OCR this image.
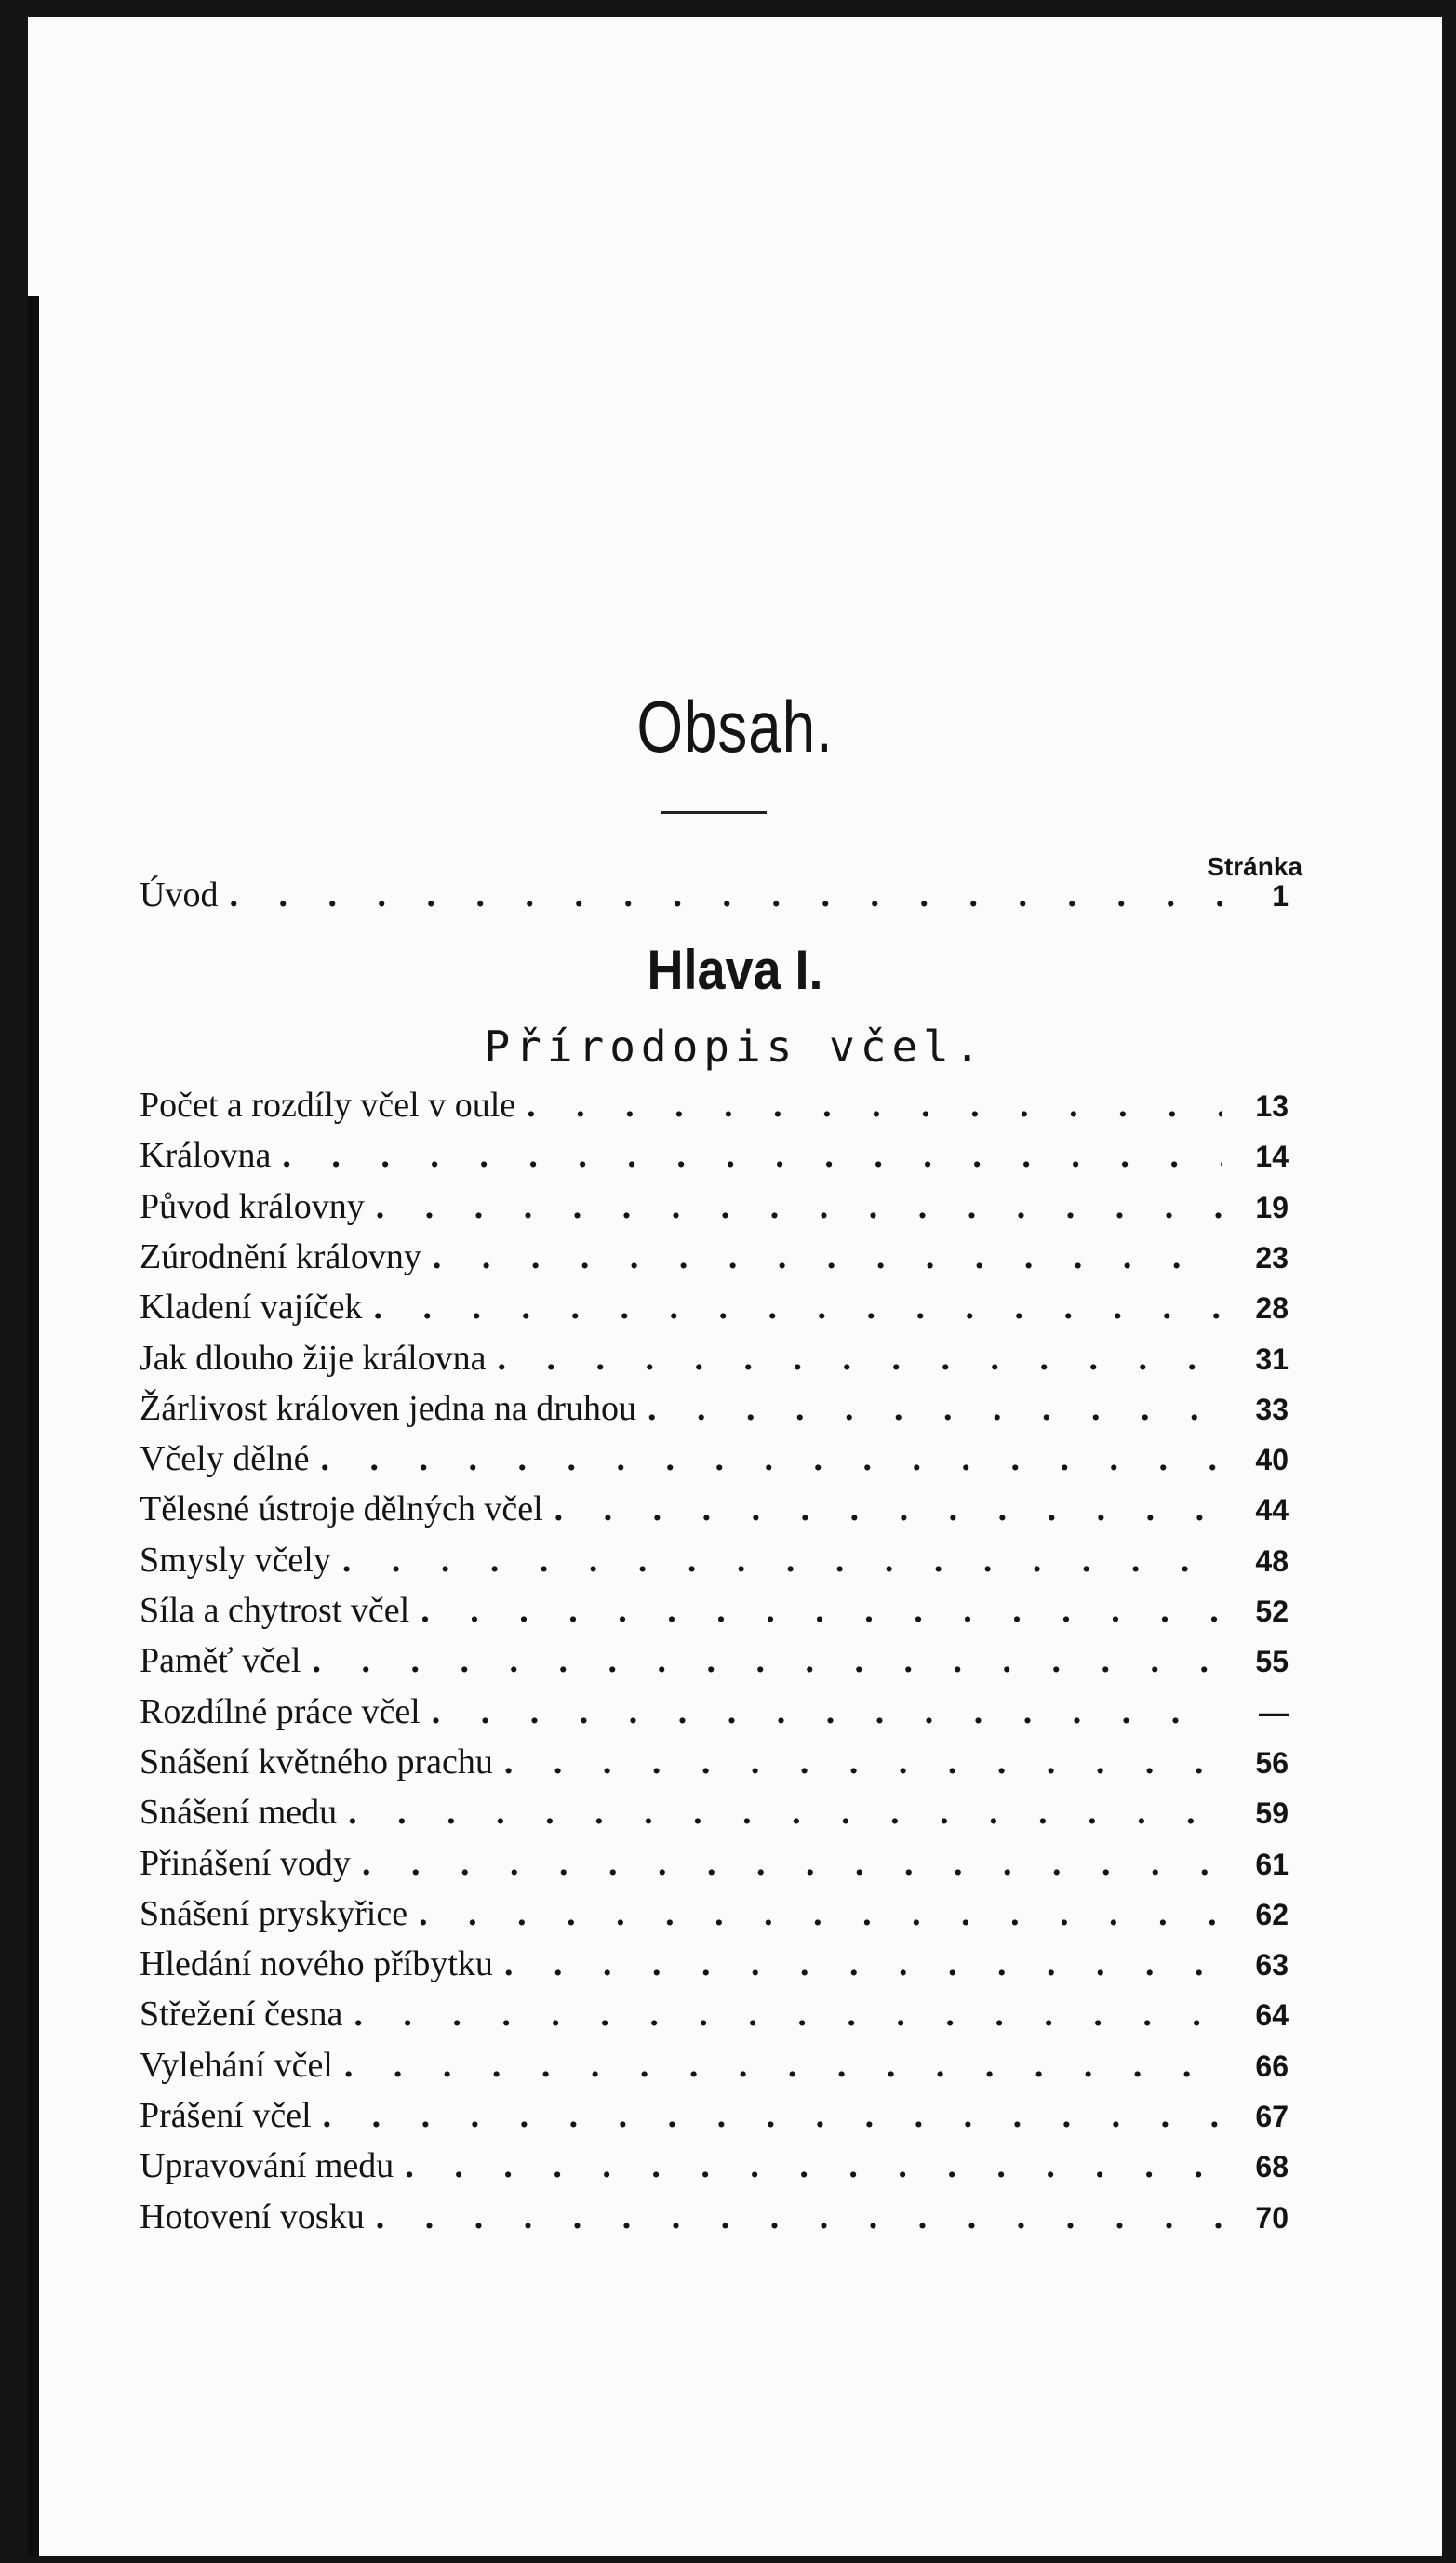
Obsah.
Stránka
Úvod . . .	1
Hlava I.
Přírodopis včel.
Počet a rozdíly včel v oule . . .	13
Královna . . .	14
Původ královny . . .	19
Zúrodnění královny . . .	23
Kladení vajíček . . .	28
Jak dlouho žije královna . . .	31
Žárlivost královen jedna na druhou . . .	33
Včely dělné . . .	40
Tělesné ústroje dělných včel . . .	44
Smysly včely . . .	48
Síla a chytrost včel . . .	52
Paměť včel . . .	55
Rozdílné práce včel . . .	—
Snášení květného prachu . . .	56
Snášení medu . . .	59
Přinášení vody . . .	61
Snášení pryskyřice . . .	62
Hledání nového příbytku . . .	63
Střežení česna . . .	64
Vylehání včel . . .	66
Prášení včel . . .	67
Upravování medu . . .	68
Hotovení vosku . . .	70
